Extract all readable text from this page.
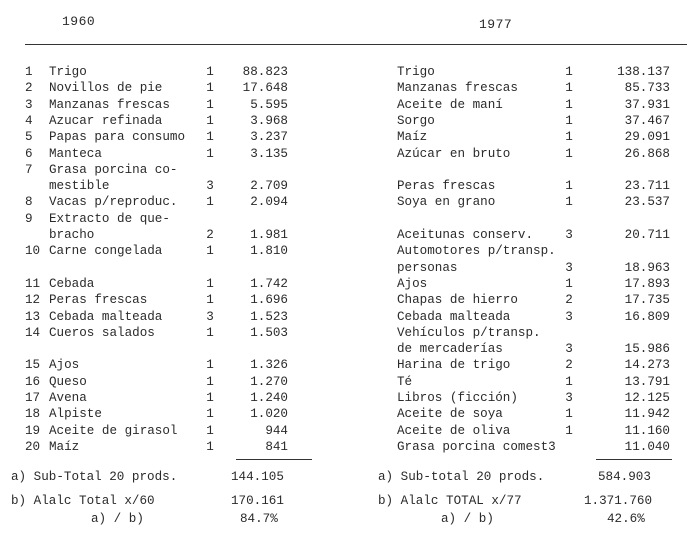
1960	1977
1	Trigo	1 88.823
2	Novillos de pie	1 17.648
3	Manzanas frescas	1	5.595
4	Azucar refinada	1	3.968
5	Papas para consumo 1	3.237
6	Manteca	1	3.135
7	Grasa porcina co-
mestible	3	2.709
8	Vacas p/reproduc. 1	2.094
9	Extracto de que-
bracho	2	1.981
10 Carne congelada	1	1.810
11 Cebada	1	1.742
12 Peras frescas	1	1.696
13 Cebada malteada	3	1.523
14 Cueros salados	1	1.503
15 Ajos	1	1.326
16 Queso	1	1.270
17 Avena	1	1.240
18 Alpiste	1	1.020
19 Aceite de girasol 1	944
20 Maíz	1	841
Trigo	1	138.137
Manzanas frescas	1	85.733
Aceite de maní	1	37.931
Sorgo	1	37.467
Maíz	1	29.091
Azúcar en bruto	1	26.868
Peras frescas	1	23.711
Soya en grano	1	23.537
Aceitunas conserv.	3	20.711
Automotores p/transp.
personas	3	18.963
Ajos	1	17.893
Chapas de hierro	2	17.735
Cebada malteada	3	16.809
Vehículos p/transp.
de mercaderías	3	15.986
Harina de trigo	2	14.273
Té	1	13.791
Libros (ficción)	3	12.125
Aceite de soya	1	11.942
Aceite de oliva	1	11.160
Grasa porcina comest3	11.040
a) Sub-Total 20 prods.	144.105
b) Alalc Total x/60	170.161
a) / b)	84.7%
a) Sub-total 20 prods.	584.903
b) Alalc TOTAL x/77	1.371.760
a) / b)	42.6%
